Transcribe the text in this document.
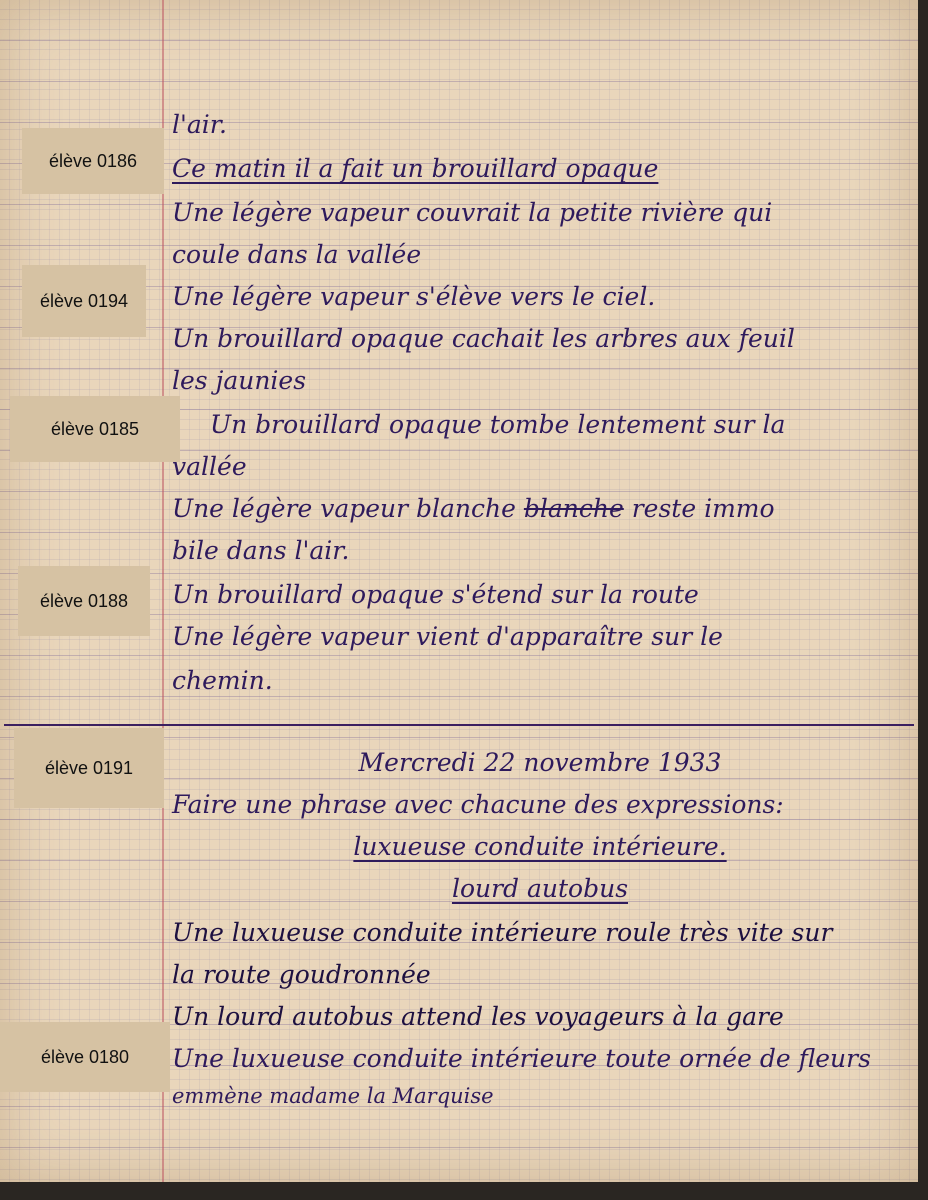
élève 0186
élève 0194
élève 0185
élève 0188
élève 0191
élève 0180

l'air.

Ce matin il a fait un brouillard opaque

Une légère vapeur couvrait la petite rivière qui

coule dans la vallée

Une légère vapeur s'élève vers le ciel.

Un brouillard opaque cachait les arbres aux feuil

les jaunies

Un brouillard opaque tombe lentement sur la

vallée

Une légère vapeur blanche blanche reste immo

bile dans l'air.

Un brouillard opaque s'étend sur la route

Une légère vapeur vient d'apparaître sur le

chemin.

Mercredi 22 novembre 1933

Faire une phrase avec chacune des expressions:

luxueuse conduite intérieure.

lourd autobus

Une luxueuse conduite intérieure roule très vite sur

la route goudronnée

Un lourd autobus attend les voyageurs à la gare

Une luxueuse conduite intérieure toute ornée de fleurs

emmène madame la Marquise
